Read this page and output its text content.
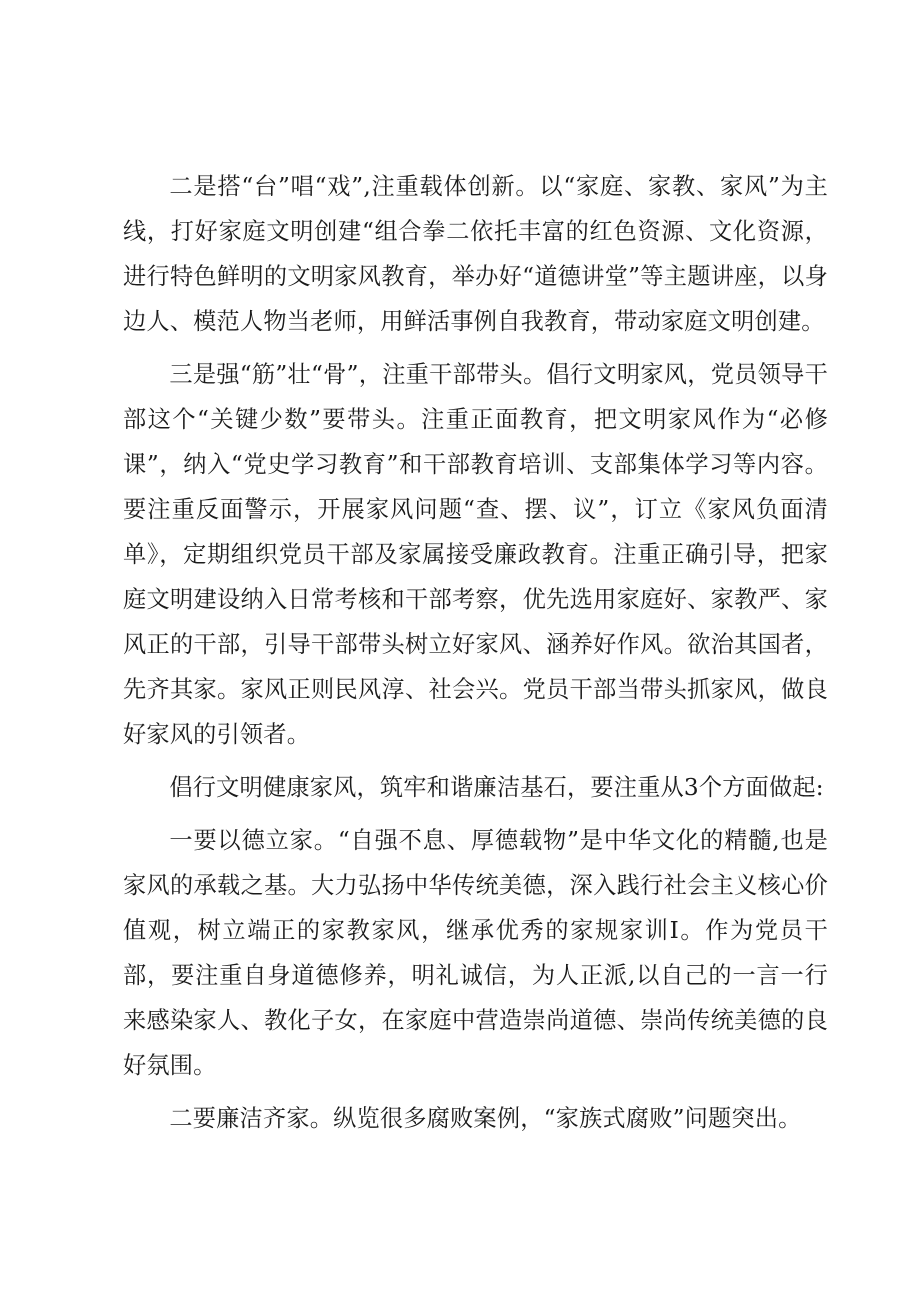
二是搭“台”唱“戏”,注重载体创新。以“家庭、家教、家风”为主线，打好家庭文明创建“组合拳二依托丰富的红色资源、文化资源，进行特色鲜明的文明家风教育，举办好“道德讲堂”等主题讲座，以身边人、模范人物当老师，用鲜活事例自我教育，带动家庭文明创建。

三是强“筋”壮“骨”，注重干部带头。倡行文明家风，党员领导干部这个“关键少数”要带头。注重正面教育，把文明家风作为“必修课”，纳入“党史学习教育”和干部教育培训、支部集体学习等内容。要注重反面警示，开展家风问题“查、摆、议”，订立《家风负面清单》，定期组织党员干部及家属接受廉政教育。注重正确引导，把家庭文明建设纳入日常考核和干部考察，优先选用家庭好、家教严、家风正的干部，引导干部带头树立好家风、涵养好作风。欲治其国者，先齐其家。家风正则民风淳、社会兴。党员干部当带头抓家风，做良好家风的引领者。

倡行文明健康家风，筑牢和谐廉洁基石，要注重从3个方面做起:

一要以德立家。“自强不息、厚德载物”是中华文化的精髓,也是家风的承载之基。大力弘扬中华传统美德，深入践行社会主义核心价值观，树立端正的家教家风，继承优秀的家规家训I。作为党员干部，要注重自身道德修养，明礼诚信，为人正派,以自己的一言一行来感染家人、教化子女，在家庭中营造崇尚道德、崇尚传统美德的良好氛围。

二要廉洁齐家。纵览很多腐败案例，“家族式腐败”问题突出。
